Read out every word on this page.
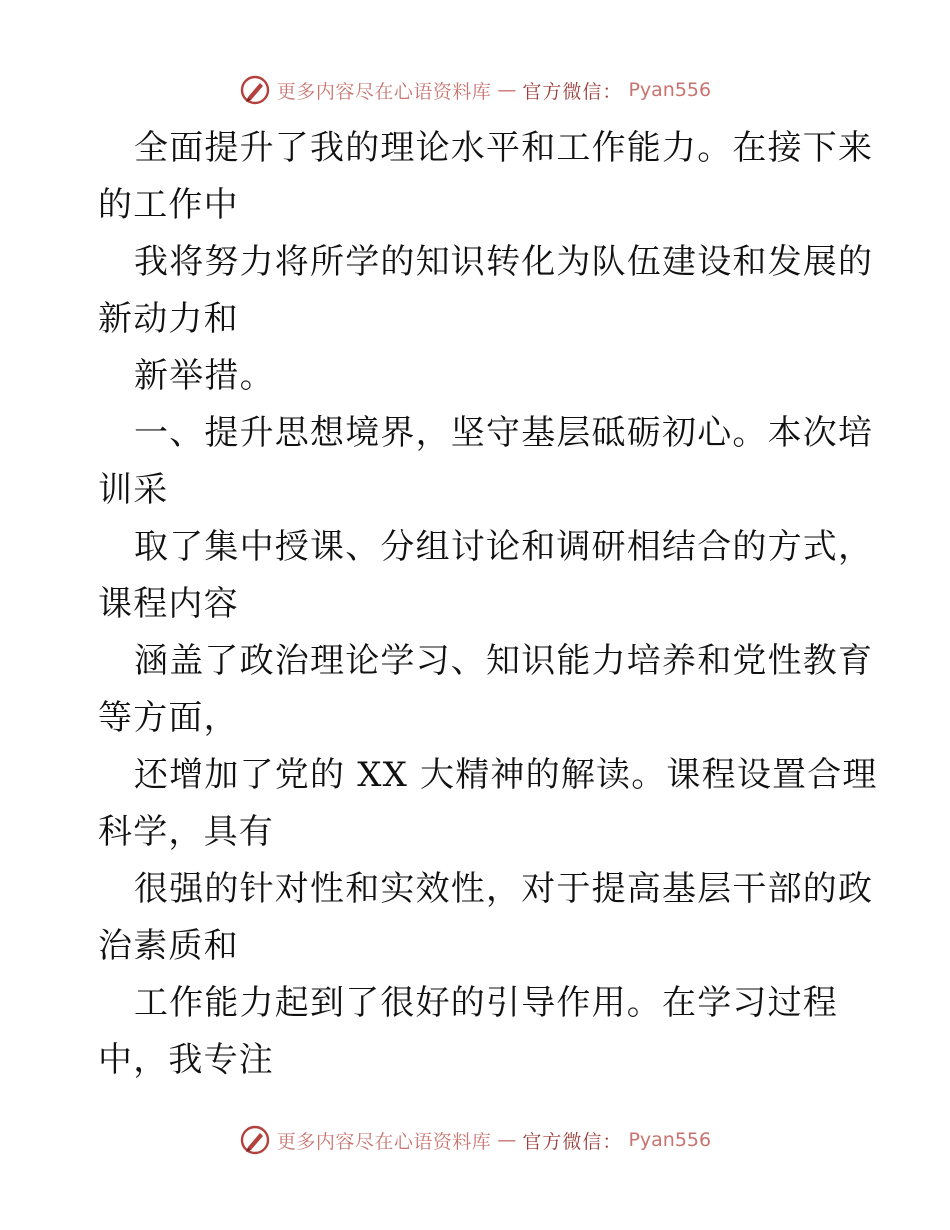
更多内容尽在心语资料库 — 官方微信： Pyan556
全面提升了我的理论水平和工作能力。在接下来
的工作中
我将努力将所学的知识转化为队伍建设和发展的
新动力和
新举措。
一、提升思想境界，坚守基层砥砺初心。本次培
训采
取了集中授课、分组讨论和调研相结合的方式，
课程内容
涵盖了政治理论学习、知识能力培养和党性教育
等方面，
还增加了党的 XX 大精神的解读。课程设置合理
科学，具有
很强的针对性和实效性，对于提高基层干部的政
治素质和
工作能力起到了很好的引导作用。在学习过程
中，我专注
更多内容尽在心语资料库 — 官方微信： Pyan556
